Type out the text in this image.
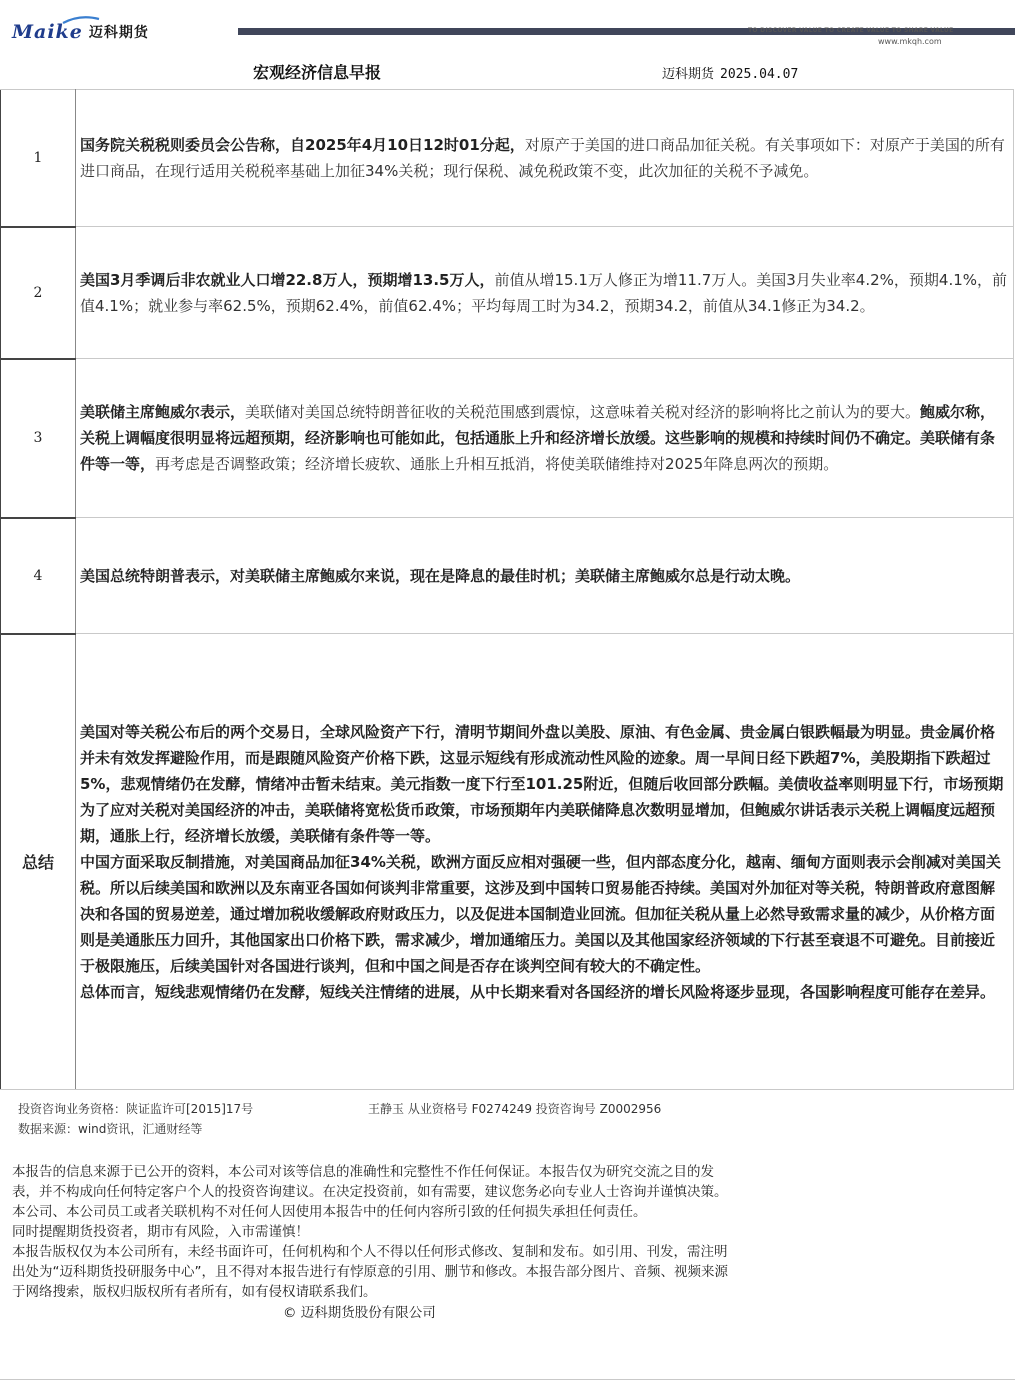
Maike 迈科期货	TO DISCOVER VALUE TO CREATE VALUE TO SHARE VALUE
www.mkqh.com
宏观经济信息早报	迈科期货 2025.04.07
1	国务院关税税则委员会公告称，自2025年4月10日12时01分起，对原产于美国的进口商品加征关税。有关事项如下：对原产于美国的所有进口商品，在现行适用关税税率基础上加征34%关税；现行保税、减免税政策不变，此次加征的关税不予减免。
2	美国3月季调后非农就业人口增22.8万人，预期增13.5万人，前值从增15.1万人修正为增11.7万人。美国3月失业率4.2%，预期4.1%，前值4.1%；就业参与率62.5%，预期62.4%，前值62.4%；平均每周工时为34.2，预期34.2，前值从34.1修正为34.2。
3	美联储主席鲍威尔表示，美联储对美国总统特朗普征收的关税范围感到震惊，这意味着关税对经济的影响将比之前认为的要大。鲍威尔称，关税上调幅度很明显将远超预期，经济影响也可能如此，包括通胀上升和经济增长放缓。这些影响的规模和持续时间仍不确定。美联储有条件等一等，再考虑是否调整政策；经济增长疲软、通胀上升相互抵消，将使美联储维持对2025年降息两次的预期。
4	美国总统特朗普表示，对美联储主席鲍威尔来说，现在是降息的最佳时机；美联储主席鲍威尔总是行动太晚。
总结	美国对等关税公布后的两个交易日，全球风险资产下行，清明节期间外盘以美股、原油、有色金属、贵金属白银跌幅最为明显。贵金属价格并未有效发挥避险作用，而是跟随风险资产价格下跌，这显示短线有形成流动性风险的迹象。周一早间日经下跌超7%，美股期指下跌超过5%，悲观情绪仍在发酵，情绪冲击暂未结束。美元指数一度下行至101.25附近，但随后收回部分跌幅。美债收益率则明显下行，市场预期为了应对关税对美国经济的冲击，美联储将宽松货币政策，市场预期年内美联储降息次数明显增加，但鲍威尔讲话表示关税上调幅度远超预期，通胀上行，经济增长放缓，美联储有条件等一等。

中国方面采取反制措施，对美国商品加征34%关税，欧洲方面反应相对强硬一些，但内部态度分化，越南、缅甸方面则表示会削减对美国关税。所以后续美国和欧洲以及东南亚各国如何谈判非常重要，这涉及到中国转口贸易能否持续。美国对外加征对等关税，特朗普政府意图解决和各国的贸易逆差，通过增加税收缓解政府财政压力，以及促进本国制造业回流。但加征关税从量上必然导致需求量的减少，从价格方面则是美通胀压力回升，其他国家出口价格下跌，需求减少，增加通缩压力。美国以及其他国家经济领域的下行甚至衰退不可避免。目前接近于极限施压，后续美国针对各国进行谈判，但和中国之间是否存在谈判空间有较大的不确定性。

总体而言，短线悲观情绪仍在发酵，短线关注情绪的进展，从中长期来看对各国经济的增长风险将逐步显现，各国影响程度可能存在差异。

投资咨询业务资格：陕证监许可[2015]17号	王静玉 从业资格号 F0274249 投资咨询号 Z0002956
数据来源：wind资讯，汇通财经等

本报告的信息来源于已公开的资料，本公司对该等信息的准确性和完整性不作任何保证。本报告仅为研究交流之目的发表，并不构成向任何特定客户个人的投资咨询建议。在决定投资前，如有需要，建议您务必向专业人士咨询并谨慎决策。本公司、本公司员工或者关联机构不对任何人因使用本报告中的任何内容所引致的任何损失承担任何责任。

同时提醒期货投资者，期市有风险，入市需谨慎！

本报告版权仅为本公司所有，未经书面许可，任何机构和个人不得以任何形式修改、复制和发布。如引用、刊发，需注明出处为“迈科期货投研服务中心”，且不得对本报告进行有悖原意的引用、删节和修改。本报告部分图片、音频、视频来源于网络搜索，版权归版权所有者所有，如有侵权请联系我们。

© 迈科期货股份有限公司
